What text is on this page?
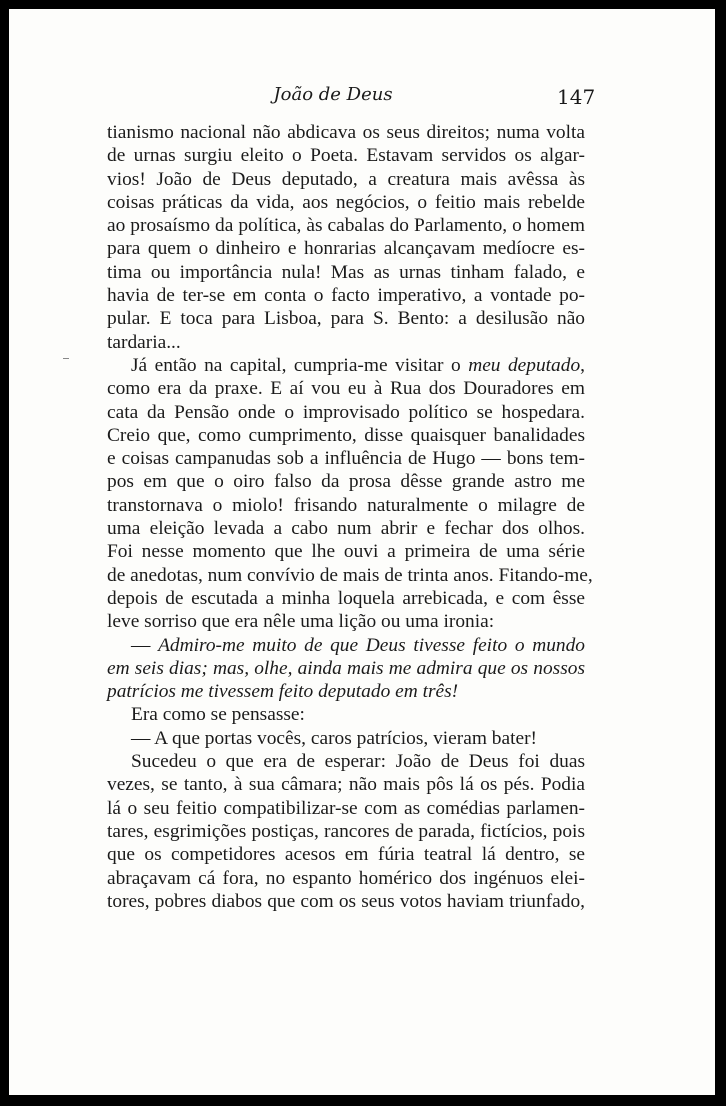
João de Deus	147
tianismo nacional não abdicava os seus direitos; numa volta
de urnas surgiu eleito o Poeta. Estavam servidos os algar-
vios! João de Deus deputado, a creatura mais avêssa às
coisas práticas da vida, aos negócios, o feitio mais rebelde
ao prosaísmo da política, às cabalas do Parlamento, o homem
para quem o dinheiro e honrarias alcançavam medíocre es-
tima ou importância nula! Mas as urnas tinham falado, e
havia de ter-se em conta o facto imperativo, a vontade po-
pular. E toca para Lisboa, para S. Bento: a desilusão não
tardaria...
Já então na capital, cumpria-me visitar o meu deputado,
como era da praxe. E aí vou eu à Rua dos Douradores em
cata da Pensão onde o improvisado político se hospedara.
Creio que, como cumprimento, disse quaisquer banalidades
e coisas campanudas sob a influência de Hugo — bons tem-
pos em que o oiro falso da prosa dêsse grande astro me
transtornava o miolo! frisando naturalmente o milagre de
uma eleição levada a cabo num abrir e fechar dos olhos.
Foi nesse momento que lhe ouvi a primeira de uma série
de anedotas, num convívio de mais de trinta anos. Fitando-me,
depois de escutada a minha loquela arrebicada, e com êsse
leve sorriso que era nêle uma lição ou uma ironia:
— Admiro-me muito de que Deus tivesse feito o mundo
em seis dias; mas, olhe, ainda mais me admira que os nossos
patrícios me tivessem feito deputado em três!
Era como se pensasse:
— A que portas vocês, caros patrícios, vieram bater!
Sucedeu o que era de esperar: João de Deus foi duas
vezes, se tanto, à sua câmara; não mais pôs lá os pés. Podia
lá o seu feitio compatibilizar-se com as comédias parlamen-
tares, esgrimições postiças, rancores de parada, fictícios, pois
que os competidores acesos em fúria teatral lá dentro, se
abraçavam cá fora, no espanto homérico dos ingénuos elei-
tores, pobres diabos que com os seus votos haviam triunfado,
